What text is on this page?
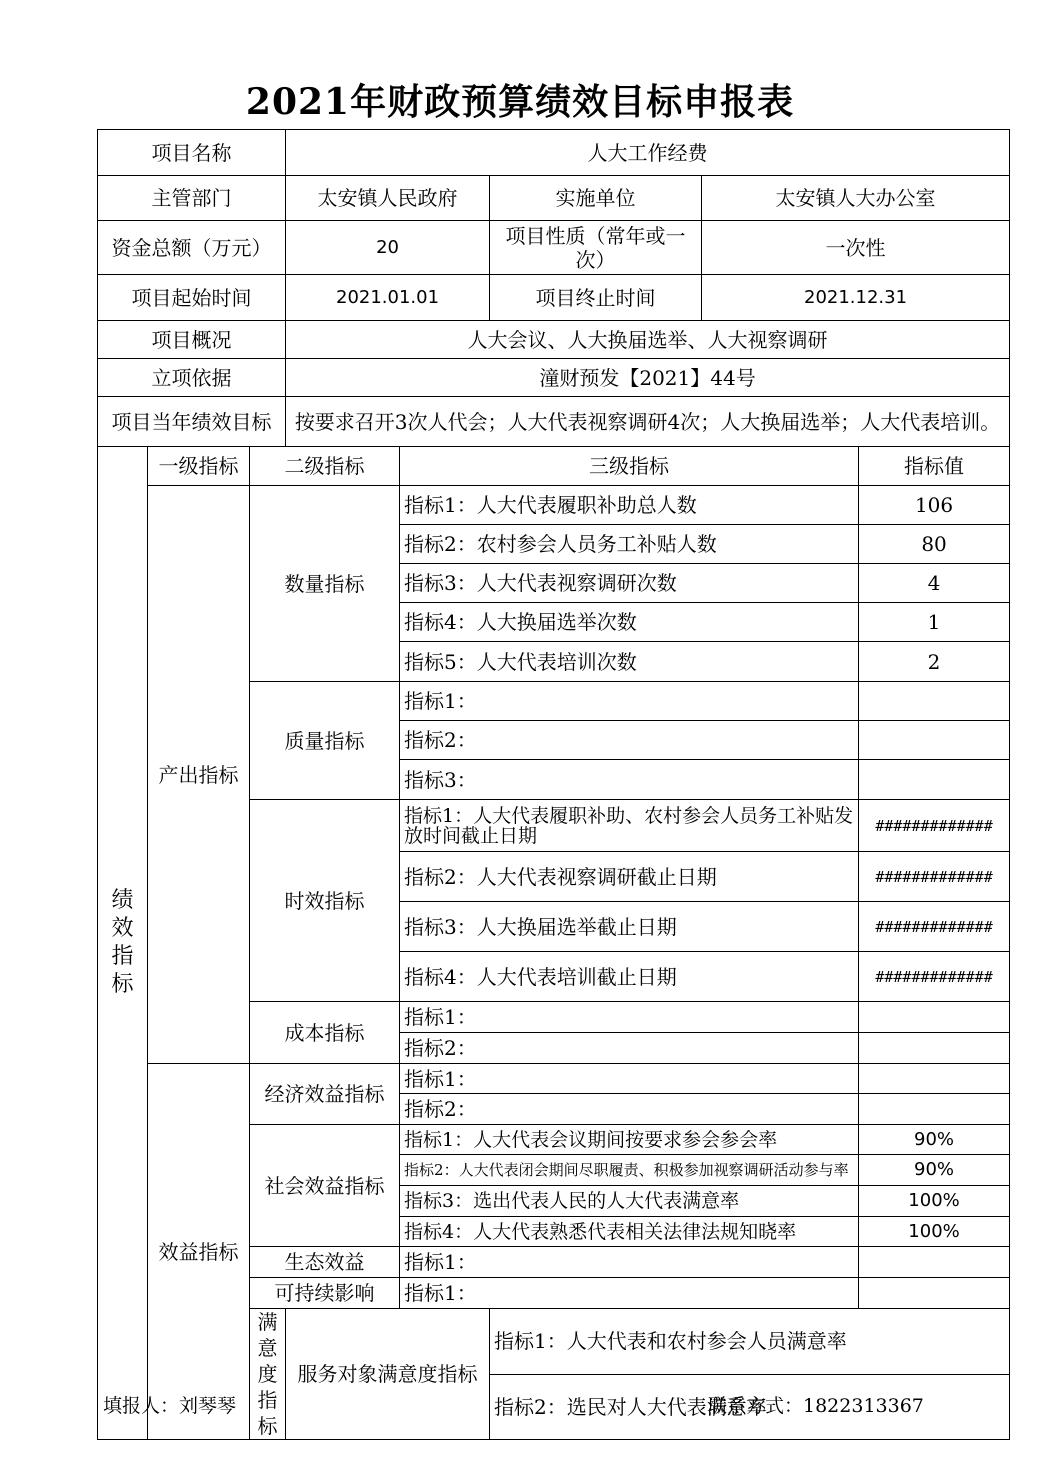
2021年财政预算绩效目标申报表
项目名称			人大工作经费					
主管部门			太安镇人民政府		实施单位	太安镇人大办公室		
资金总额（万元）			20		项目性质（常年或一次）	一次性		
项目起始时间			2021.01.01		项目终止时间	2021.12.31		
项目概况			人大会议、人大换届选举、人大视察调研					
立项依据			潼财预发【2021】44号					
项目当年绩效目标			按要求召开3次人代会；人大代表视察调研4次；人大换届选举；人大代表培训。					

绩
效
指
标	一级指标	二级指标		三级指标			指标值	
	产出指标	数量指标		指标1：人大代表履职补助总人数			106	
				指标2：农村参会人员务工补贴人数			80	
				指标3：人大代表视察调研次数			4	
				指标4：人大换届选举次数			1	
				指标5：人大代表培训次数			2	
		质量指标		指标1：				
				指标2：				
				指标3：				
		时效指标		指标1：人大代表履职补助、农村参会人员务工补贴发放时间截止日期			#############	
				指标2：人大代表视察调研截止日期			#############	
				指标3：人大换届选举截止日期			#############	
				指标4：人大代表培训截止日期			#############	
		成本指标		指标1：				
				指标2：				
	效益指标	经济效益指标		指标1：				
				指标2：				
		社会效益指标		指标1：人大代表会议期间按要求参会参会率			90%	
				指标2：人大代表闭会期间尽职履责、积极参加视察调研活动参与率			90%	
				指标3：选出代表人民的人大代表满意率			100%	
				指标4：人大代表熟悉代表相关法律法规知晓率			100%	
		生态效益		指标1：				
		可持续影响		指标1：				
		满意度指标	服务对象满意度指标		指标1：人大代表和农村参会人员满意率	
					指标2：选民对人大代表满意率	
填报人：刘琴琴	联系方式：1822313367
